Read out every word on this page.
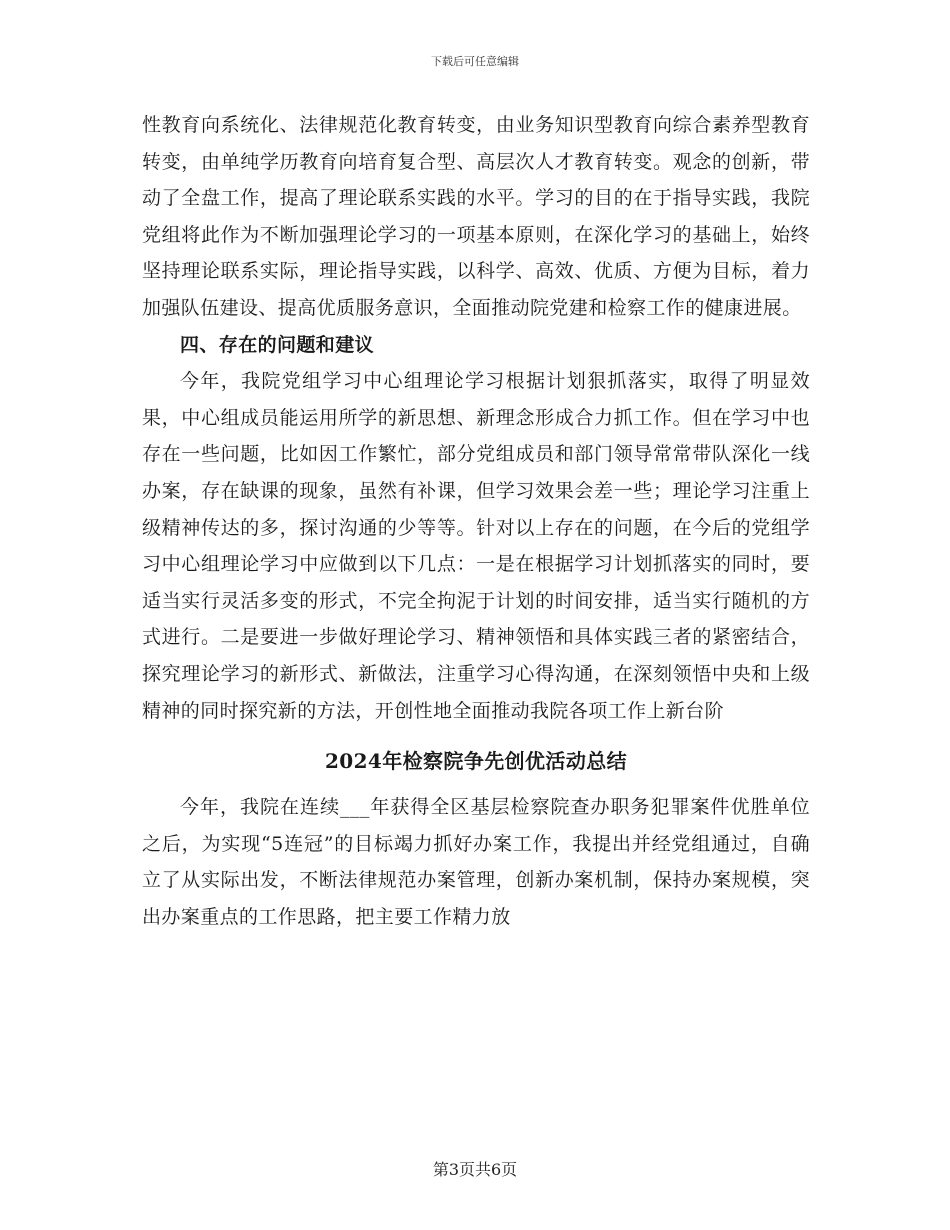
下载后可任意编辑

性教育向系统化、法律规范化教育转变，由业务知识型教育向综合素养型教育转变，由单纯学历教育向培育复合型、高层次人才教育转变。观念的创新，带动了全盘工作，提高了理论联系实践的水平。学习的目的在于指导实践，我院党组将此作为不断加强理论学习的一项基本原则，在深化学习的基础上，始终坚持理论联系实际，理论指导实践，以科学、高效、优质、方便为目标，着力加强队伍建设、提高优质服务意识，全面推动院党建和检察工作的健康进展。

四、存在的问题和建议

今年，我院党组学习中心组理论学习根据计划狠抓落实，取得了明显效果，中心组成员能运用所学的新思想、新理念形成合力抓工作。但在学习中也存在一些问题，比如因工作繁忙，部分党组成员和部门领导常常带队深化一线办案，存在缺课的现象，虽然有补课，但学习效果会差一些；理论学习注重上级精神传达的多，探讨沟通的少等等。针对以上存在的问题，在今后的党组学习中心组理论学习中应做到以下几点：一是在根据学习计划抓落实的同时，要适当实行灵活多变的形式，不完全拘泥于计划的时间安排，适当实行随机的方式进行。二是要进一步做好理论学习、精神领悟和具体实践三者的紧密结合，探究理论学习的新形式、新做法，注重学习心得沟通，在深刻领悟中央和上级精神的同时探究新的方法，开创性地全面推动我院各项工作上新台阶

2024年检察院争先创优活动总结

今年，我院在连续___年获得全区基层检察院查办职务犯罪案件优胜单位之后，为实现“5连冠”的目标竭力抓好办案工作，我提出并经党组通过，自确立了从实际出发，不断法律规范办案管理，创新办案机制，保持办案规模，突出办案重点的工作思路，把主要工作精力放

第3页共6页
